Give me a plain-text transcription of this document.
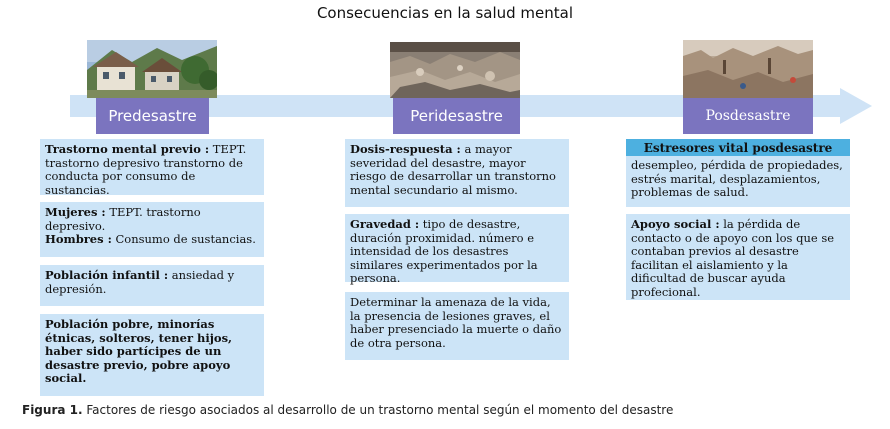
Consecuencias en la salud mental
Predesastre	Peridesastre	Posdesastre
Trastorno mental previo : TEPT. trastorno depresivo transtorno de conducta por consumo de sustancias.
Mujeres : TEPT. trastorno depresivo.
Hombres : Consumo de sustancias.
Población infantil : ansiedad y depresión.
Población pobre, minorías étnicas, solteros, tener hijos, haber sido partícipes de un desastre previo, pobre apoyo social.
Dosis-respuesta : a mayor severidad del desastre, mayor riesgo de desarrollar un transtorno mental secundario al mismo.
Gravedad : tipo de desastre, duración proximidad. número e intensidad de los desastres similares experimentados por la persona.
Determinar la amenaza de la vida, la presencia de lesiones graves, el haber presenciado la muerte o daño de otra persona.
desempleo, pérdida de propiedades, estrés marital, desplazamientos, problemas de salud.
Estresores vital posdesastre
Apoyo social : la pérdida de contacto o de apoyo con los que se contaban previos al desastre facilitan el aislamiento y la dificultad de buscar ayuda profecional.
Figura 1. Factores de riesgo asociados al desarrollo de un trastorno mental según el momento del desastre
